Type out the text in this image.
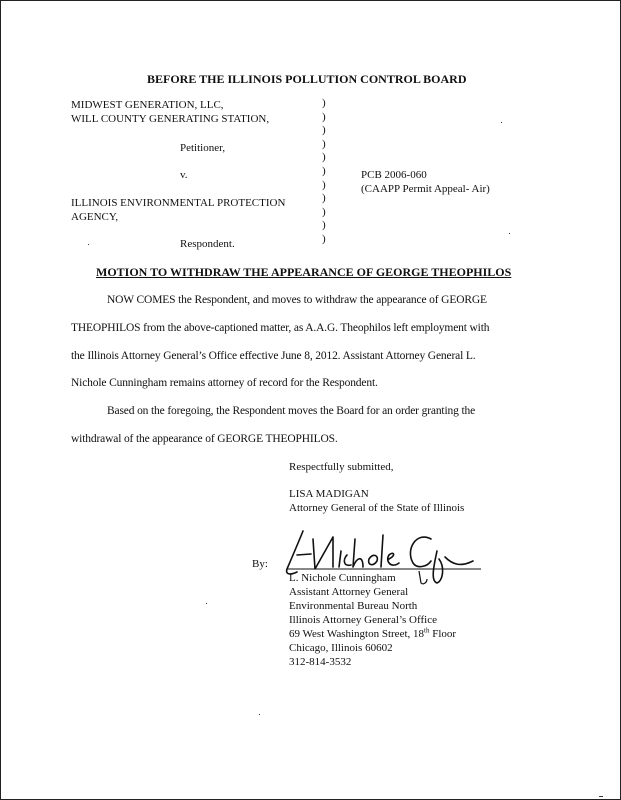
BEFORE THE ILLINOIS POLLUTION CONTROL BOARD
MIDWEST GENERATION, LLC,
WILL COUNTY GENERATING STATION,
Petitioner,
v.
ILLINOIS ENVIRONMENTAL PROTECTION
AGENCY,
Respondent.
)
)
)
)
)
)
)
)
)
)
)
PCB 2006-060
(CAAPP Permit Appeal- Air)
MOTION TO WITHDRAW THE APPEARANCE OF GEORGE THEOPHILOS
NOW COMES the Respondent, and moves to withdraw the appearance of GEORGE
THEOPHILOS from the above-captioned matter, as A.A.G. Theophilos left employment with
the Illinois Attorney General’s Office effective June 8, 2012. Assistant Attorney General L.
Nichole Cunningham remains attorney of record for the Respondent.
Based on the foregoing, the Respondent moves the Board for an order granting the
withdrawal of the appearance of GEORGE THEOPHILOS.
Respectfully submitted,
LISA MADIGAN
Attorney General of the State of Illinois
By:
L. Nichole Cunningham
Assistant Attorney General
Environmental Bureau North
Illinois Attorney General’s Office
69 West Washington Street, 18th Floor
Chicago, Illinois 60602
312-814-3532
